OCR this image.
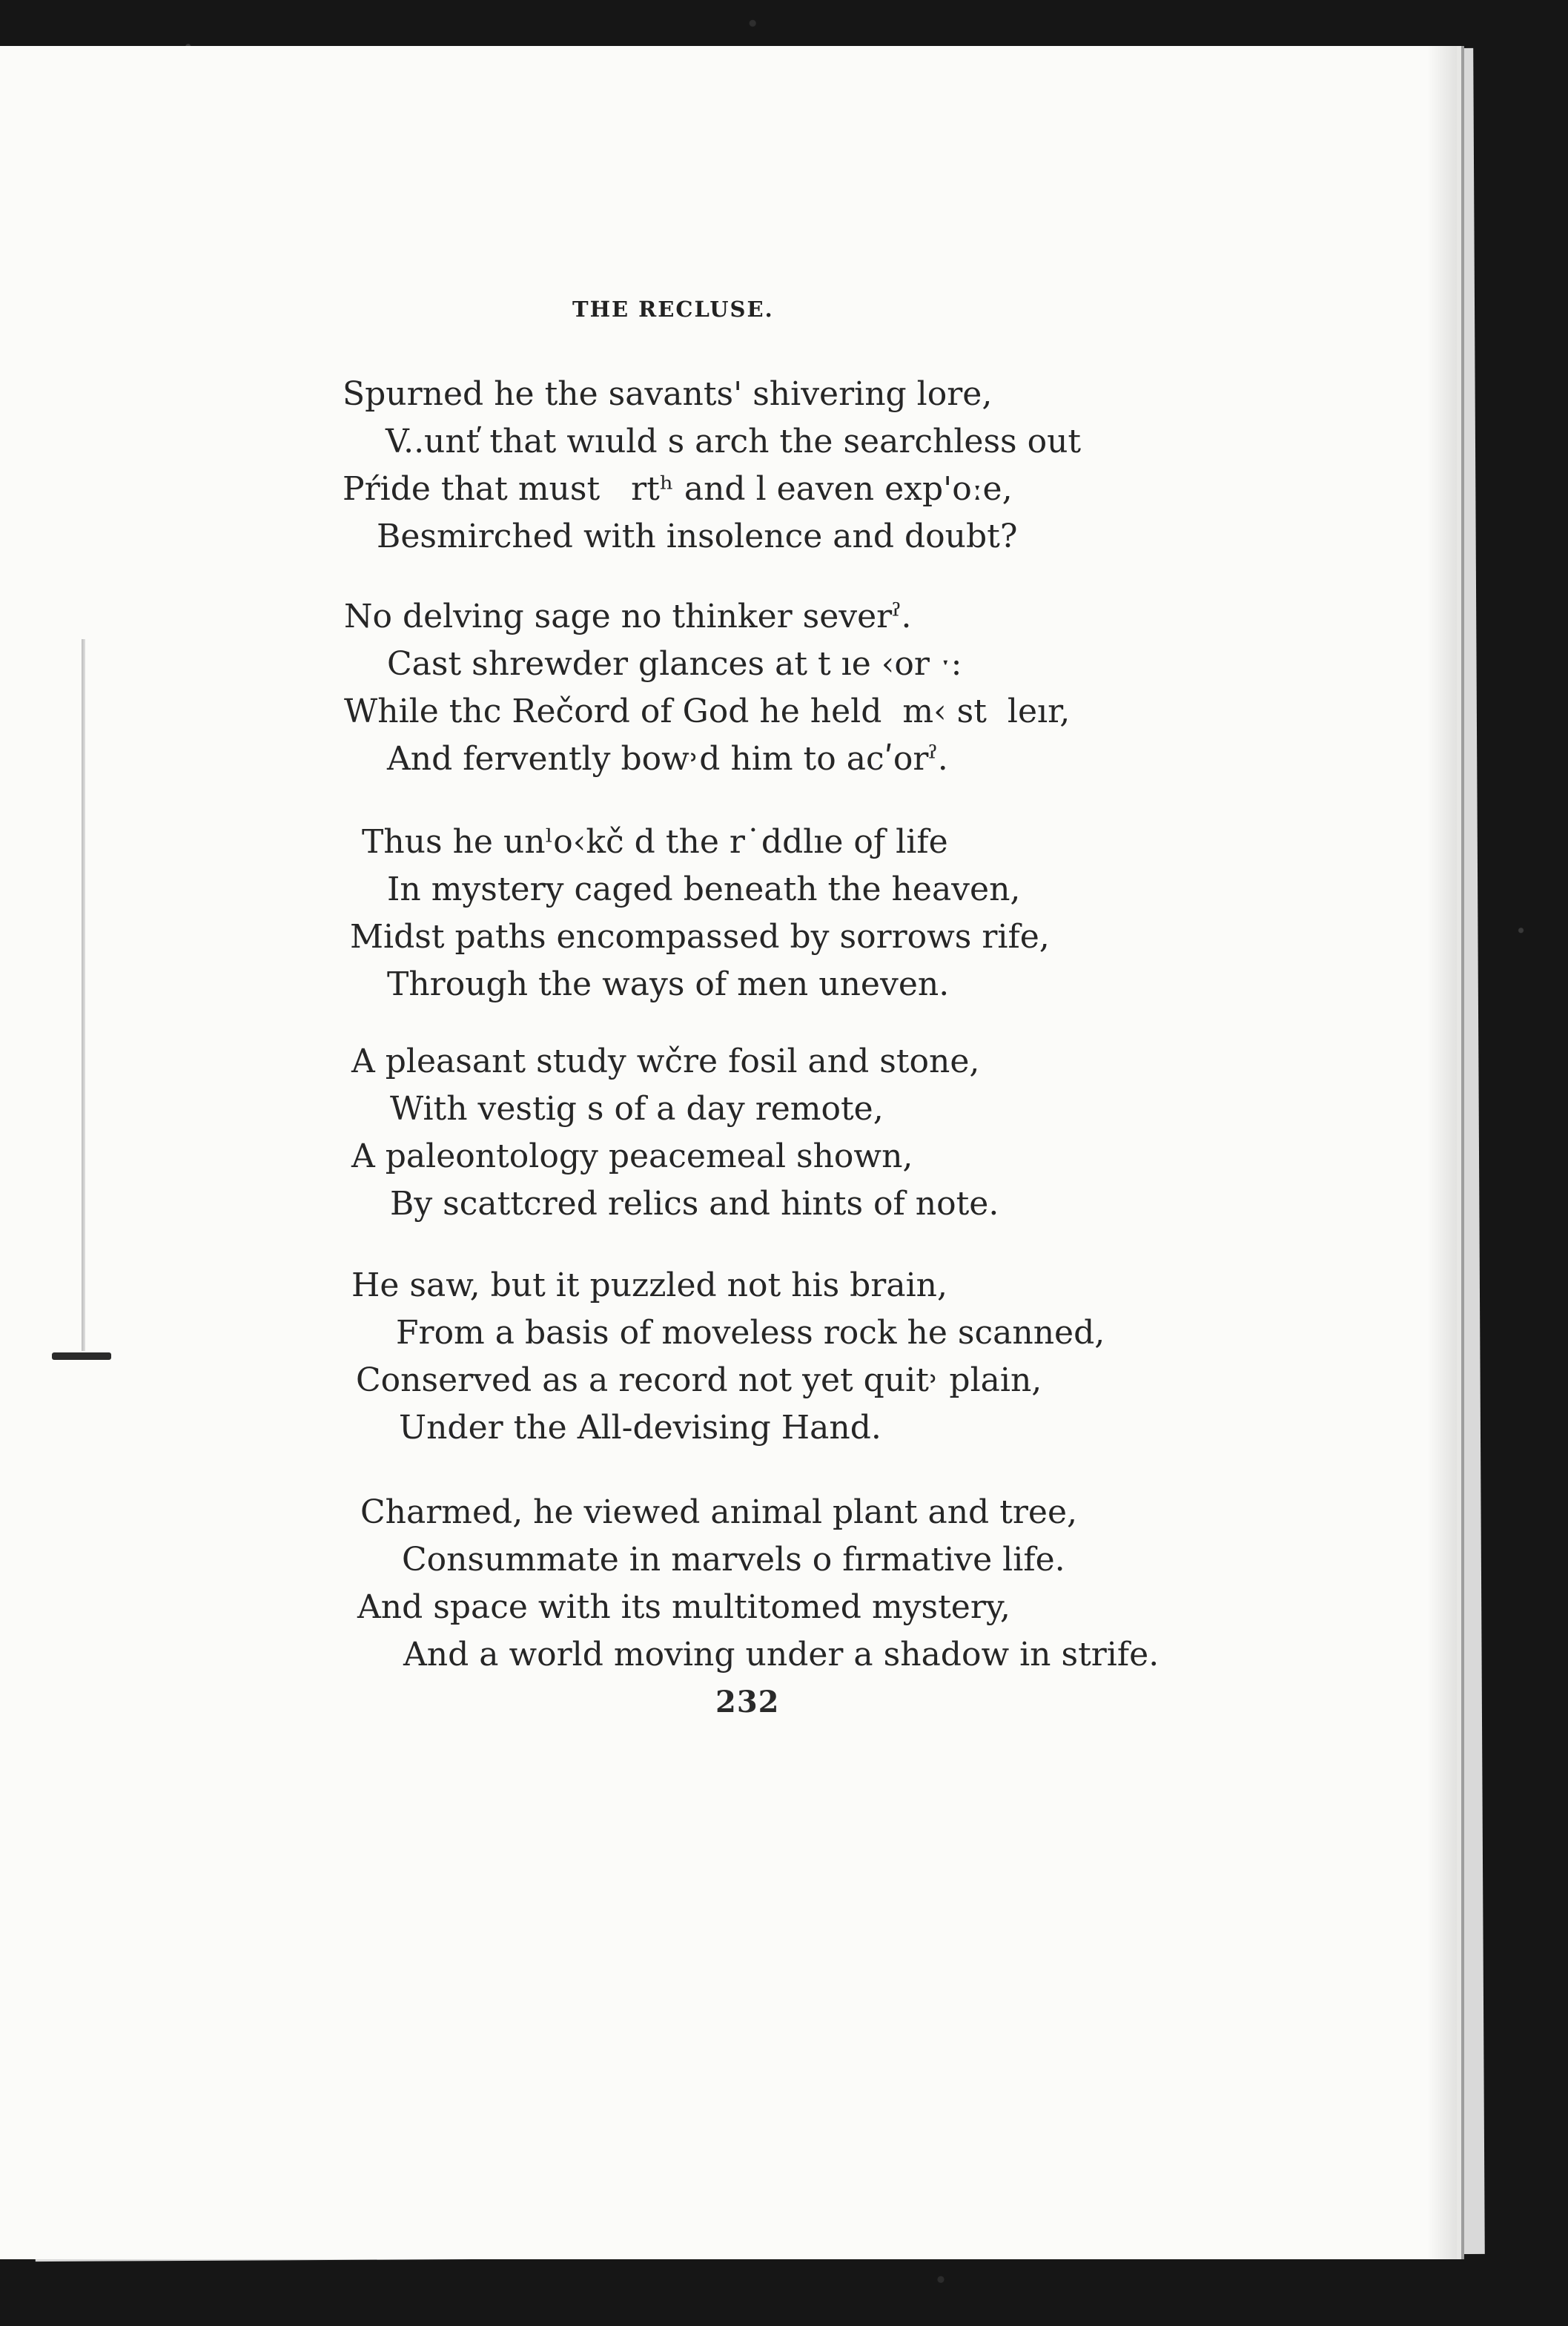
THE RECLUSE.
Spurned he the savants' shivering lore,
V..unt̕ that wıuld s arch the searchless out
Pŕide that must   rtʰ and l eaven exp'oːe,
Besmirched with insolence and doubt?
No delving sage no thinker severˀ.
Cast shrewder glances at t ıe ‹or ˑ:
While thc Rečord of God he held  m‹ st  leır,
And fervently bow˒d him to acʹorˀ.
Thus he unˡo‹kč d the r˙ddlıe oƒ life
In mystery caged beneath the heaven,
Midst paths encompassed by sorrows rife,
Through the ways of men uneven.
A pleasant study wčre fosil and stone,
With vestig s of a day remote,
A paleontology peacemeal shown,
By scattcred relics and hints of note.
He saw, but it puzzled not his brain,
From a basis of moveless rock he scanned,
Conserved as a record not yet quit˒ plain,
Under the All-devising Hand.
Charmed, he viewed animal plant and tree,
Consummate in marvels o fırmative life.
And space with its multitomed mystery,
And a world moving under a shadow in strife.
232
